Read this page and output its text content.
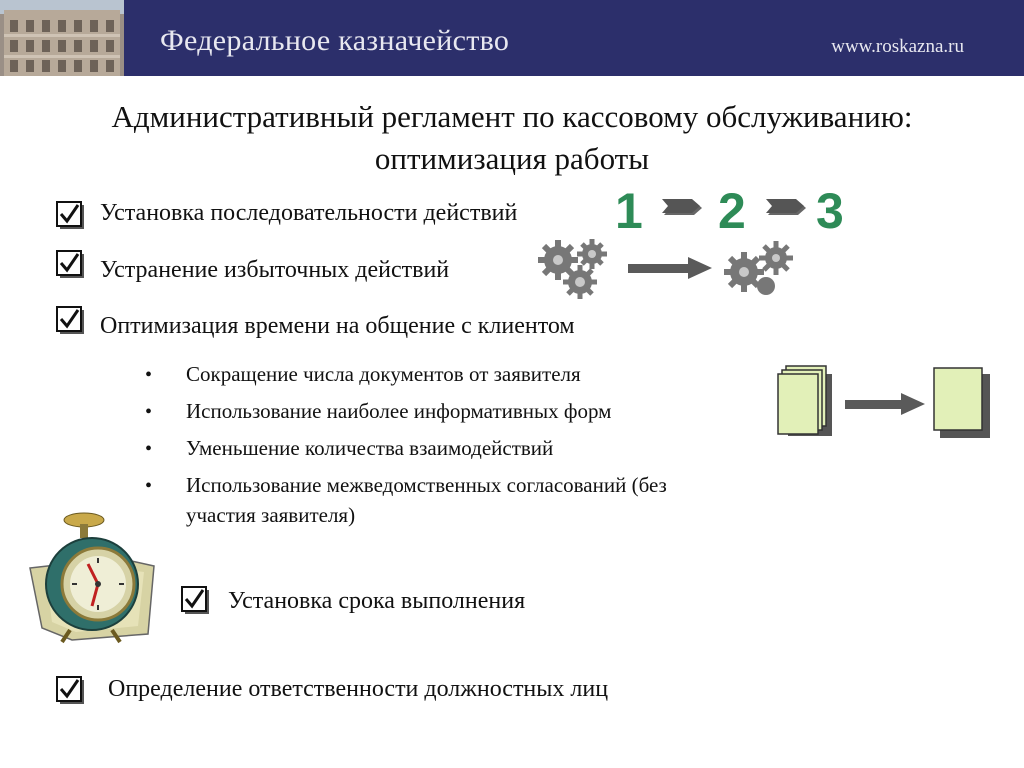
Федеральное казначейство	www.roskazna.ru
Административный регламент по кассовому обслуживанию:
оптимизация работы
Установка последовательности действий
Устранение избыточных действий
Оптимизация времени на общение с клиентом
• Сокращение числа документов от заявителя
• Использование наиболее информативных форм
• Уменьшение количества взаимодействий
• Использование межведомственных согласований (без
участия заявителя)
1 2 3
Установка срока выполнения
Определение ответственности должностных лиц
